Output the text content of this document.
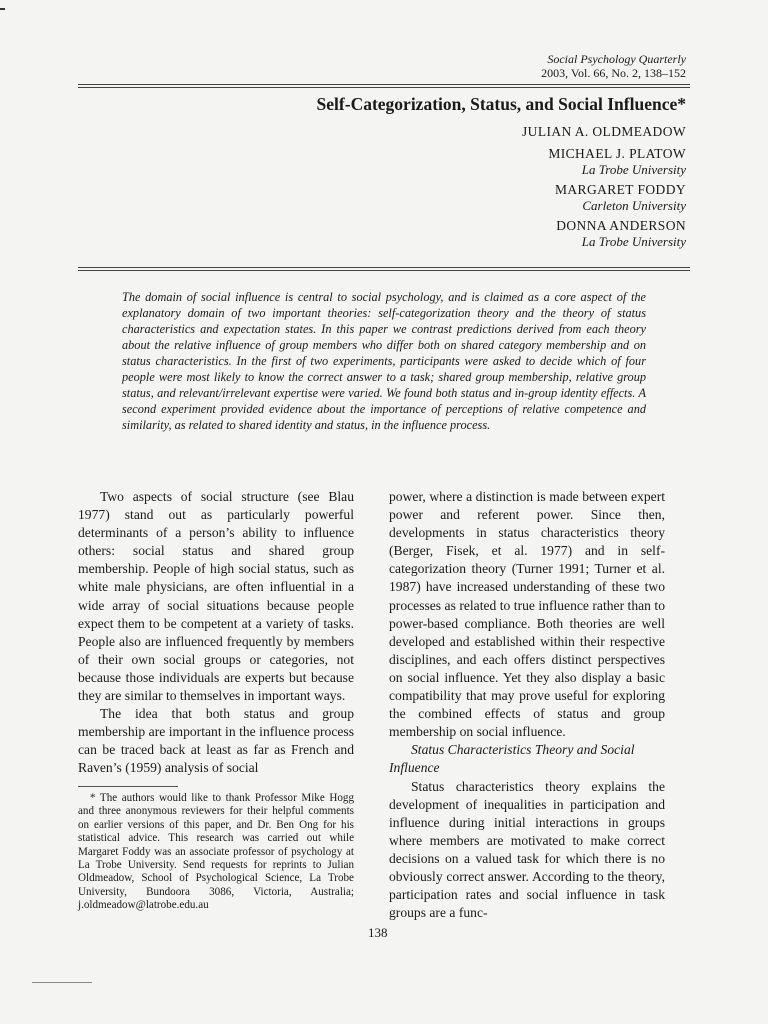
Social Psychology Quarterly
2003, Vol. 66, No. 2, 138–152
Self-Categorization, Status, and Social Influence*
JULIAN A. OLDMEADOW
MICHAEL J. PLATOW
La Trobe University
MARGARET FODDY
Carleton University
DONNA ANDERSON
La Trobe University
The domain of social influence is central to social psychology, and is claimed as a core aspect of the explanatory domain of two important theories: self-categorization theory and the theory of status characteristics and expectation states. In this paper we contrast predictions derived from each theory about the relative influence of group members who differ both on shared category membership and on status characteristics. In the first of two experiments, participants were asked to decide which of four people were most likely to know the correct answer to a task; shared group membership, relative group status, and relevant/irrelevant expertise were varied. We found both status and in-group identity effects. A second experiment provided evidence about the importance of perceptions of relative competence and similarity, as related to shared identity and status, in the influence process.

Two aspects of social structure (see Blau 1977) stand out as particularly powerful determinants of a person’s ability to influence others: social status and shared group membership. People of high social status, such as white male physicians, are often influential in a wide array of social situations because people expect them to be competent at a variety of tasks. People also are influenced frequently by members of their own social groups or categories, not because those individuals are experts but because they are similar to themselves in important ways.

The idea that both status and group membership are important in the influence process can be traced back at least as far as French and Raven’s (1959) analysis of social

power, where a distinction is made between expert power and referent power. Since then, developments in status characteristics theory (Berger, Fisek, et al. 1977) and in self-categorization theory (Turner 1991; Turner et al. 1987) have increased understanding of these two processes as related to true influence rather than to power-based compliance. Both theories are well developed and established within their respective disciplines, and each offers distinct perspectives on social influence. Yet they also display a basic compatibility that may prove useful for exploring the combined effects of status and group membership on social influence.

Status Characteristics Theory and Social Influence

Status characteristics theory explains the development of inequalities in participation and influence during initial interactions in groups where members are motivated to make correct decisions on a valued task for which there is no obviously correct answer. According to the theory, participation rates and social influence in task groups are a func-

* The authors would like to thank Professor Mike Hogg and three anonymous reviewers for their helpful comments on earlier versions of this paper, and Dr. Ben Ong for his statistical advice. This research was carried out while Margaret Foddy was an associate professor of psychology at La Trobe University. Send requests for reprints to Julian Oldmeadow, School of Psychological Science, La Trobe University, Bundoora 3086, Victoria, Australia; j.oldmeadow@latrobe.edu.au

138
